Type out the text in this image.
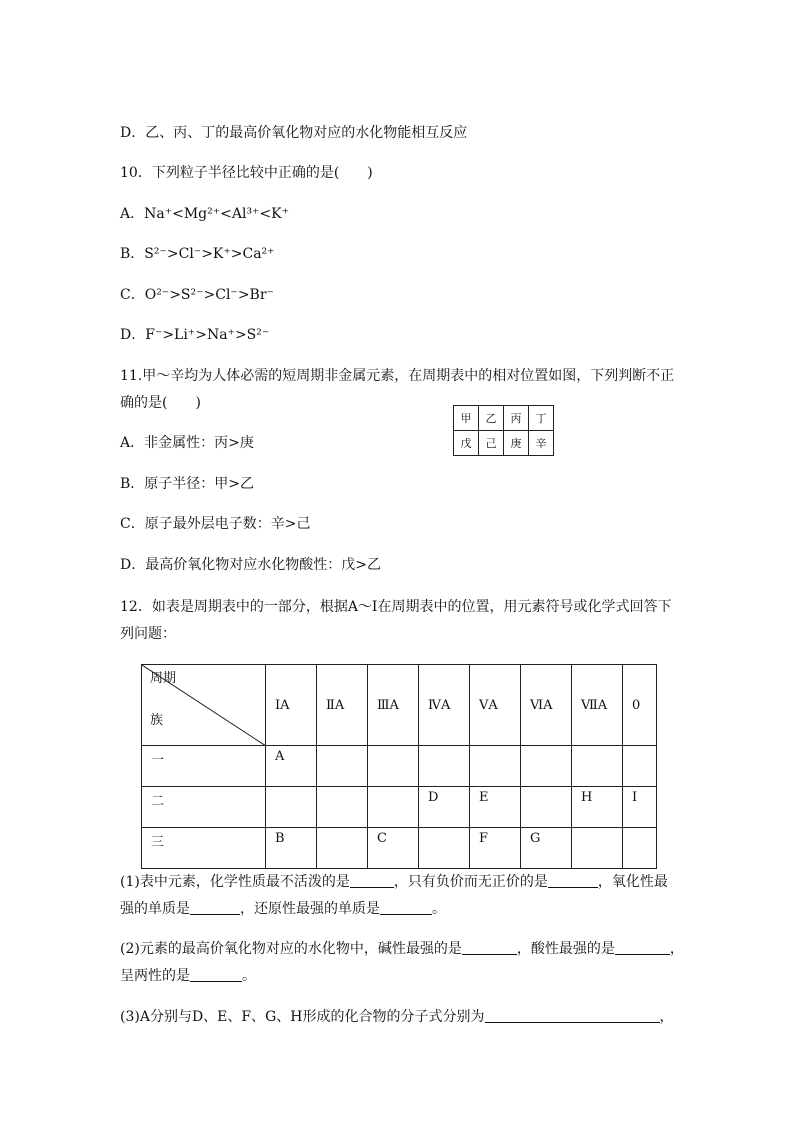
D．乙、丙、丁的最高价氧化物对应的水化物能相互反应
10．下列粒子半径比较中正确的是(　　)
A．Na⁺<Mg²⁺<Al³⁺<K⁺
B．S²⁻>Cl⁻>K⁺>Ca²⁺
C．O²⁻>S²⁻>Cl⁻>Br⁻
D．F⁻>Li⁺>Na⁺>S²⁻
11.甲～辛均为人体必需的短周期非金属元素，在周期表中的相对位置如图，下列判断不正
确的是(　　)
甲	乙	丙	丁
戊	己	庚	辛
A．非金属性：丙>庚
B．原子半径：甲>乙
C．原子最外层电子数：辛>己
D．最高价氧化物对应水化物酸性：戊>乙
12．如表是周期表中的一部分，根据A～I在周期表中的位置，用元素符号或化学式回答下
列问题：
周期
族	ⅠA	ⅡA	ⅢA	ⅣA	ⅤA	ⅥA	ⅦA	0
一	A							
二				D	E		H	I
三	B		C		F	G		
(1)表中元素，化学性质最不活泼的是	，只有负价而无正价的是	，氧化性最
强的单质是	，还原性最强的单质是	。
(2)元素的最高价氧化物对应的水化物中，碱性最强的是	，酸性最强的是	，
呈两性的是	。
(3)A分别与D、E、F、G、H形成的化合物的分子式分别为	，
